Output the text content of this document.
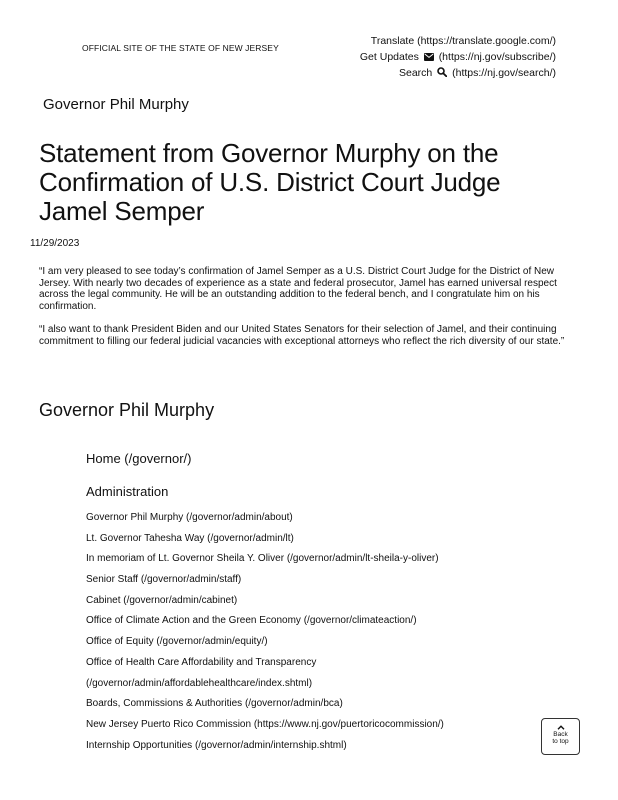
OFFICIAL SITE OF THE STATE OF NEW JERSEY
Translate (https://translate.google.com/)
Get Updates (https://nj.gov/subscribe/)
Search (https://nj.gov/search/)
Governor Phil Murphy
Statement from Governor Murphy on the Confirmation of U.S. District Court Judge Jamel Semper
11/29/2023

“I am very pleased to see today’s confirmation of Jamel Semper as a U.S. District Court Judge for the District of New Jersey. With nearly two decades of experience as a state and federal prosecutor, Jamel has earned universal respect across the legal community. He will be an outstanding addition to the federal bench, and I congratulate him on his confirmation.

“I also want to thank President Biden and our United States Senators for their selection of Jamel, and their continuing commitment to filling our federal judicial vacancies with exceptional attorneys who reflect the rich diversity of our state.”

Governor Phil Murphy
Home (/governor/)
Administration
Governor Phil Murphy (/governor/admin/about)
Lt. Governor Tahesha Way (/governor/admin/lt)
In memoriam of Lt. Governor Sheila Y. Oliver (/governor/admin/lt-sheila-y-oliver)
Senior Staff (/governor/admin/staff)
Cabinet (/governor/admin/cabinet)
Office of Climate Action and the Green Economy (/governor/climateaction/)
Office of Equity (/governor/admin/equity/)
Office of Health Care Affordability and Transparency
(/governor/admin/affordablehealthcare/index.shtml)
Boards, Commissions & Authorities (/governor/admin/bca)
New Jersey Puerto Rico Commission (https://www.nj.gov/puertoricocommission/)
Internship Opportunities (/governor/admin/internship.shtml)
Back
to top
